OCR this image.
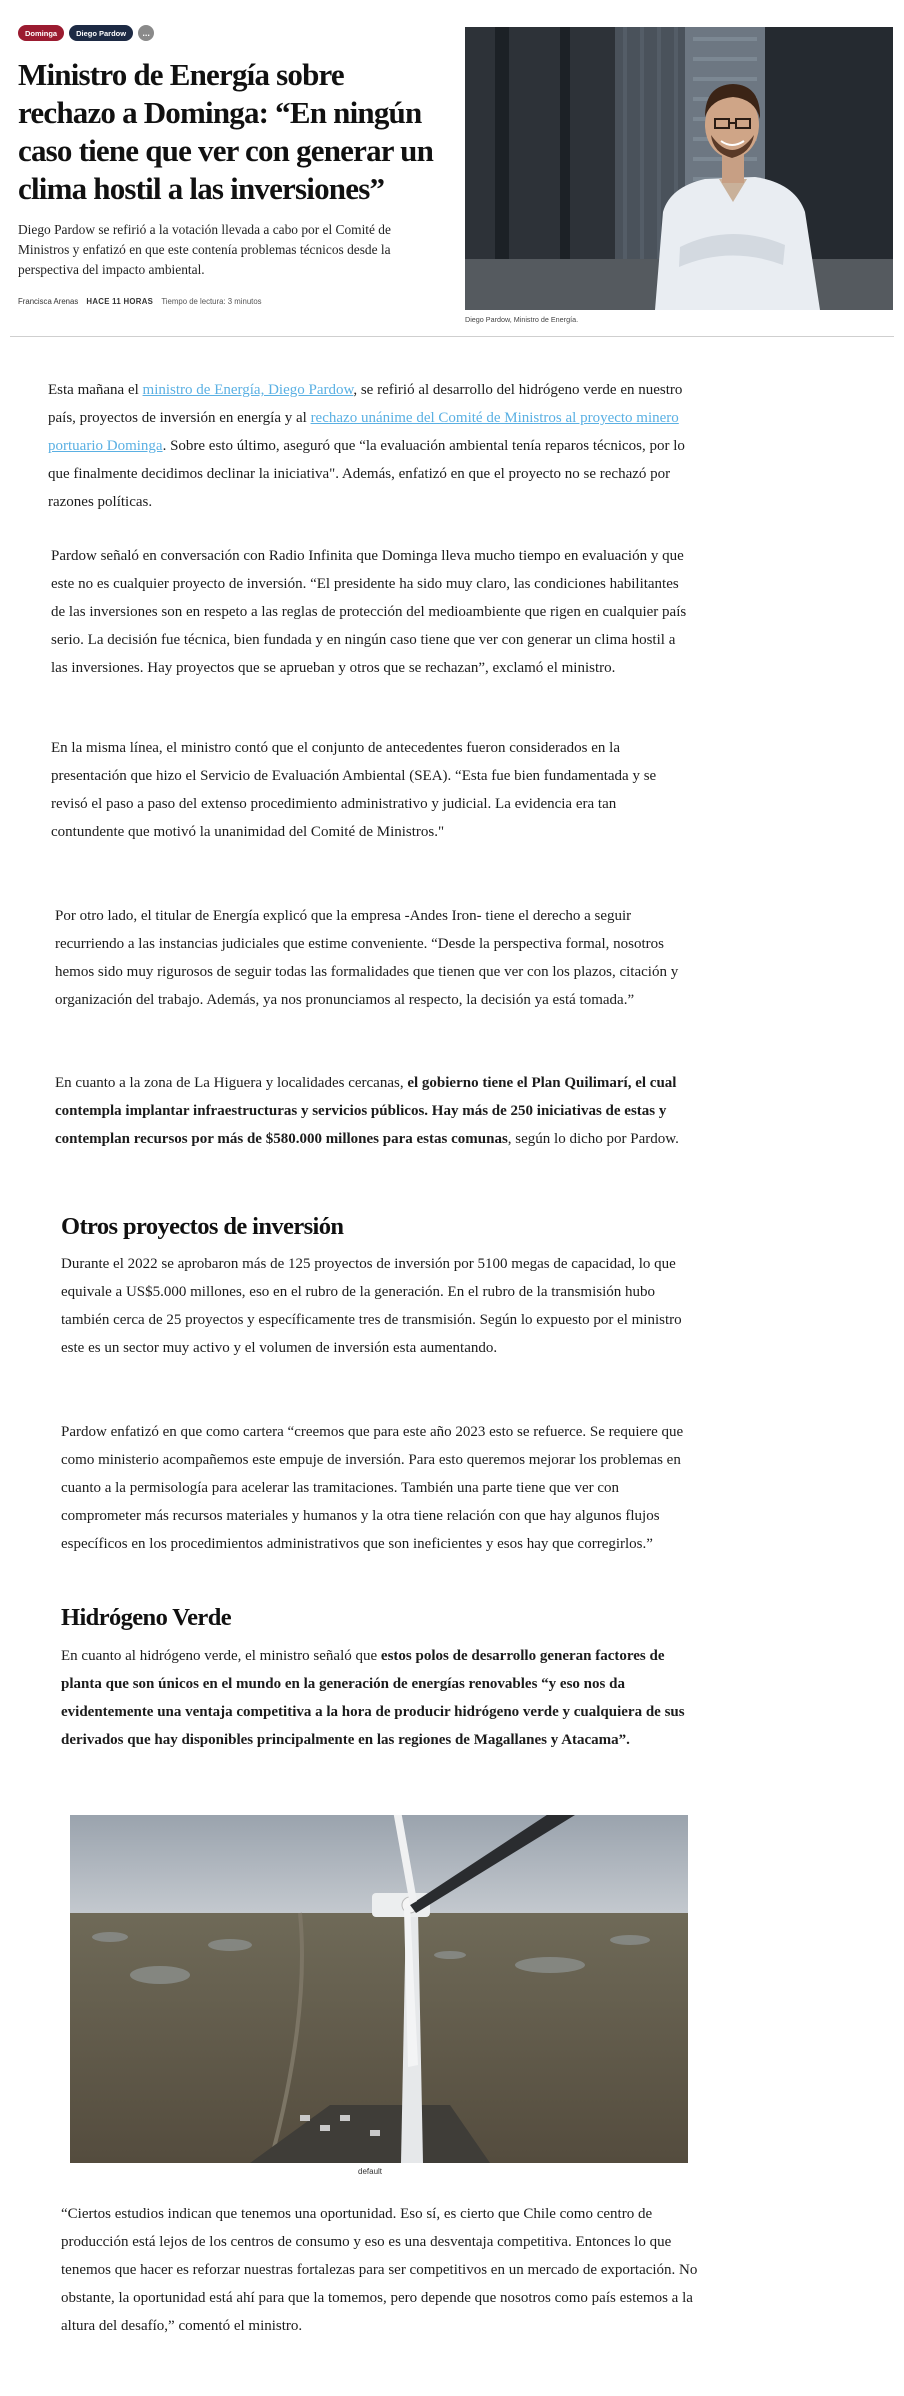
Dominga	Diego Pardow	...
Ministro de Energía sobre rechazo a Dominga: “En ningún caso tiene que ver con generar un clima hostil a las inversiones”

Diego Pardow se refirió a la votación llevada a cabo por el Comité de Ministros y enfatizó en que este contenía problemas técnicos desde la perspectiva del impacto ambiental.

Francisca Arenas HACE 11 HORAS Tiempo de lectura: 3 minutos
Diego Pardow, Ministro de Energía.

Esta mañana el ministro de Energía, Diego Pardow, se refirió al desarrollo del hidrógeno verde en nuestro país, proyectos de inversión en energía y al rechazo unánime del Comité de Ministros al proyecto minero portuario Dominga. Sobre esto último, aseguró que “la evaluación ambiental tenía reparos técnicos, por lo que finalmente decidimos declinar la iniciativa". Además, enfatizó en que el proyecto no se rechazó por razones políticas.

Pardow señaló en conversación con Radio Infinita que Dominga lleva mucho tiempo en evaluación y que este no es cualquier proyecto de inversión. “El presidente ha sido muy claro, las condiciones habilitantes de las inversiones son en respeto a las reglas de protección del medioambiente que rigen en cualquier país serio. La decisión fue técnica, bien fundada y en ningún caso tiene que ver con generar un clima hostil a las inversiones. Hay proyectos que se aprueban y otros que se rechazan”, exclamó el ministro.

En la misma línea, el ministro contó que el conjunto de antecedentes fueron considerados en la presentación que hizo el Servicio de Evaluación Ambiental (SEA). “Esta fue bien fundamentada y se revisó el paso a paso del extenso procedimiento administrativo y judicial. La evidencia era tan contundente que motivó la unanimidad del Comité de Ministros."

Por otro lado, el titular de Energía explicó que la empresa -Andes Iron- tiene el derecho a seguir recurriendo a las instancias judiciales que estime conveniente. “Desde la perspectiva formal, nosotros hemos sido muy rigurosos de seguir todas las formalidades que tienen que ver con los plazos, citación y organización del trabajo. Además, ya nos pronunciamos al respecto, la decisión ya está tomada.”

En cuanto a la zona de La Higuera y localidades cercanas, el gobierno tiene el Plan Quilimarí, el cual contempla implantar infraestructuras y servicios públicos. Hay más de 250 iniciativas de estas y contemplan recursos por más de $580.000 millones para estas comunas, según lo dicho por Pardow.

Otros proyectos de inversión

Durante el 2022 se aprobaron más de 125 proyectos de inversión por 5100 megas de capacidad, lo que equivale a US$5.000 millones, eso en el rubro de la generación. En el rubro de la transmisión hubo también cerca de 25 proyectos y específicamente tres de transmisión. Según lo expuesto por el ministro este es un sector muy activo y el volumen de inversión esta aumentando.

Pardow enfatizó en que como cartera “creemos que para este año 2023 esto se refuerce. Se requiere que como ministerio acompañemos este empuje de inversión. Para esto queremos mejorar los problemas en cuanto a la permisología para acelerar las tramitaciones. También una parte tiene que ver con comprometer más recursos materiales y humanos y la otra tiene relación con que hay algunos flujos específicos en los procedimientos administrativos que son ineficientes y esos hay que corregirlos.”

Hidrógeno Verde

En cuanto al hidrógeno verde, el ministro señaló que estos polos de desarrollo generan factores de planta que son únicos en el mundo en la generación de energías renovables “y eso nos da evidentemente una ventaja competitiva a la hora de producir hidrógeno verde y cualquiera de sus derivados que hay disponibles principalmente en las regiones de Magallanes y Atacama”.

default

“Ciertos estudios indican que tenemos una oportunidad. Eso sí, es cierto que Chile como centro de producción está lejos de los centros de consumo y eso es una desventaja competitiva. Entonces lo que tenemos que hacer es reforzar nuestras fortalezas para ser competitivos en un mercado de exportación. No obstante, la oportunidad está ahí para que la tomemos, pero depende que nosotros como país estemos a la altura del desafío,” comentó el ministro.
